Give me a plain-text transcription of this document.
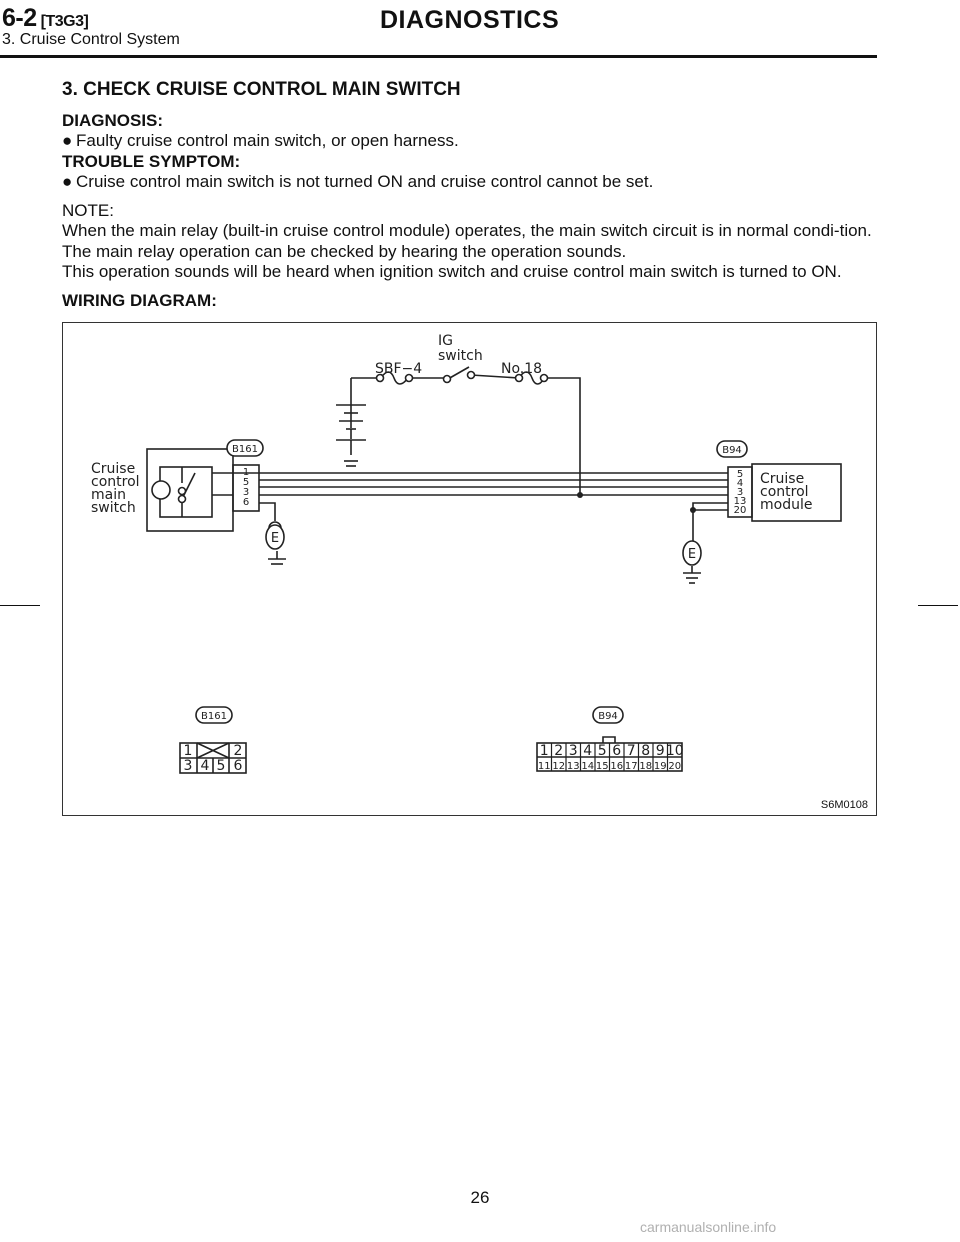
6-2 [T3G3]	DIAGNOSTICS
3. Cruise Control System
3. CHECK CRUISE CONTROL MAIN SWITCH
DIAGNOSIS:
● Faulty cruise control main switch, or open harness.
TROUBLE SYMPTOM:
● Cruise control main switch is not turned ON and cruise control cannot be set.
NOTE:
When the main relay (built-in cruise control module) operates, the main switch circuit is in normal condi-tion.
The main relay operation can be checked by hearing the operation sounds.
This operation sounds will be heard when ignition switch and cruise control main switch is turned to ON.
WIRING DIAGRAM:
SBF−4
IG
switch
No.18
Cruise
control
main
switch
Cruise
control
module
B161	B94
B161	B94
1
5
3
6
5
4
3
13
20
E
E
1	2
3 4 5 6
1 2 3 4 5 6 7 8 9 10
11 12 13 14 15 16 17 18 19 20
S6M0108
26
carmanualsonline.info
